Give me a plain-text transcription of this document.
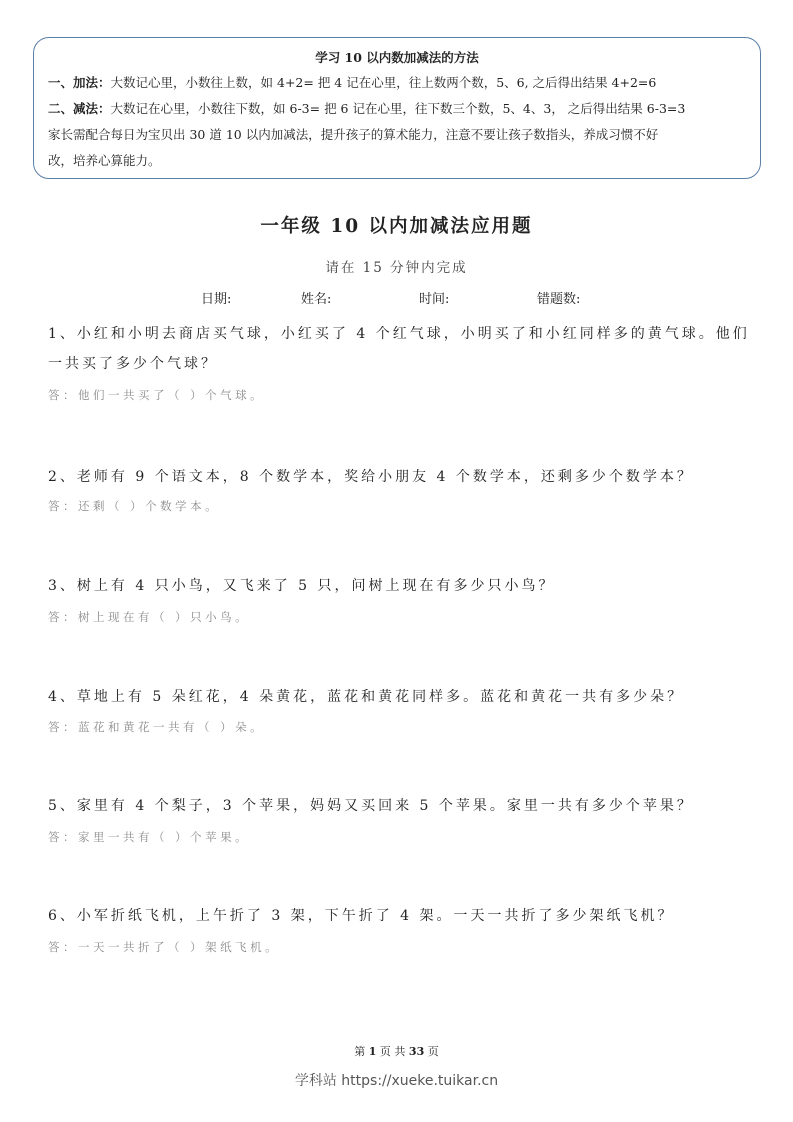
学习 10 以内数加减法的方法
一、加法：大数记心里，小数往上数，如 4+2= 把 4 记在心里，往上数两个数，5、6, 之后得出结果 4+2=6
二、减法：大数记在心里，小数往下数，如 6-3= 把 6 记在心里，往下数三个数，5、4、3， 之后得出结果 6-3=3
家长需配合每日为宝贝出 30 道 10 以内加减法，提升孩子的算术能力，注意不要让孩子数指头，养成习惯不好
改，培养心算能力。
一年级 10 以内加减法应用题
请在 15 分钟内完成
日期:	姓名:	时间:	错题数:
1、小红和小明去商店买气球，小红买了 4 个红气球，小明买了和小红同样多的黄气球。他们一共买了多少个气球？
答：他们一共买了（ ）个气球。
2、老师有 9 个语文本，8 个数学本，奖给小朋友 4 个数学本，还剩多少个数学本？
答：还剩（ ）个数学本。
3、树上有 4 只小鸟，又飞来了 5 只，问树上现在有多少只小鸟？
答：树上现在有（ ）只小鸟。
4、草地上有 5 朵红花，4 朵黄花，蓝花和黄花同样多。蓝花和黄花一共有多少朵？
答：蓝花和黄花一共有（ ）朵。
5、家里有 4 个梨子，3 个苹果，妈妈又买回来 5 个苹果。家里一共有多少个苹果？
答：家里一共有（ ）个苹果。
6、小军折纸飞机，上午折了 3 架，下午折了 4 架。一天一共折了多少架纸飞机？
答：一天一共折了（ ）架纸飞机。
第 1 页 共 33 页
学科站 https://xueke.tuikar.cn
